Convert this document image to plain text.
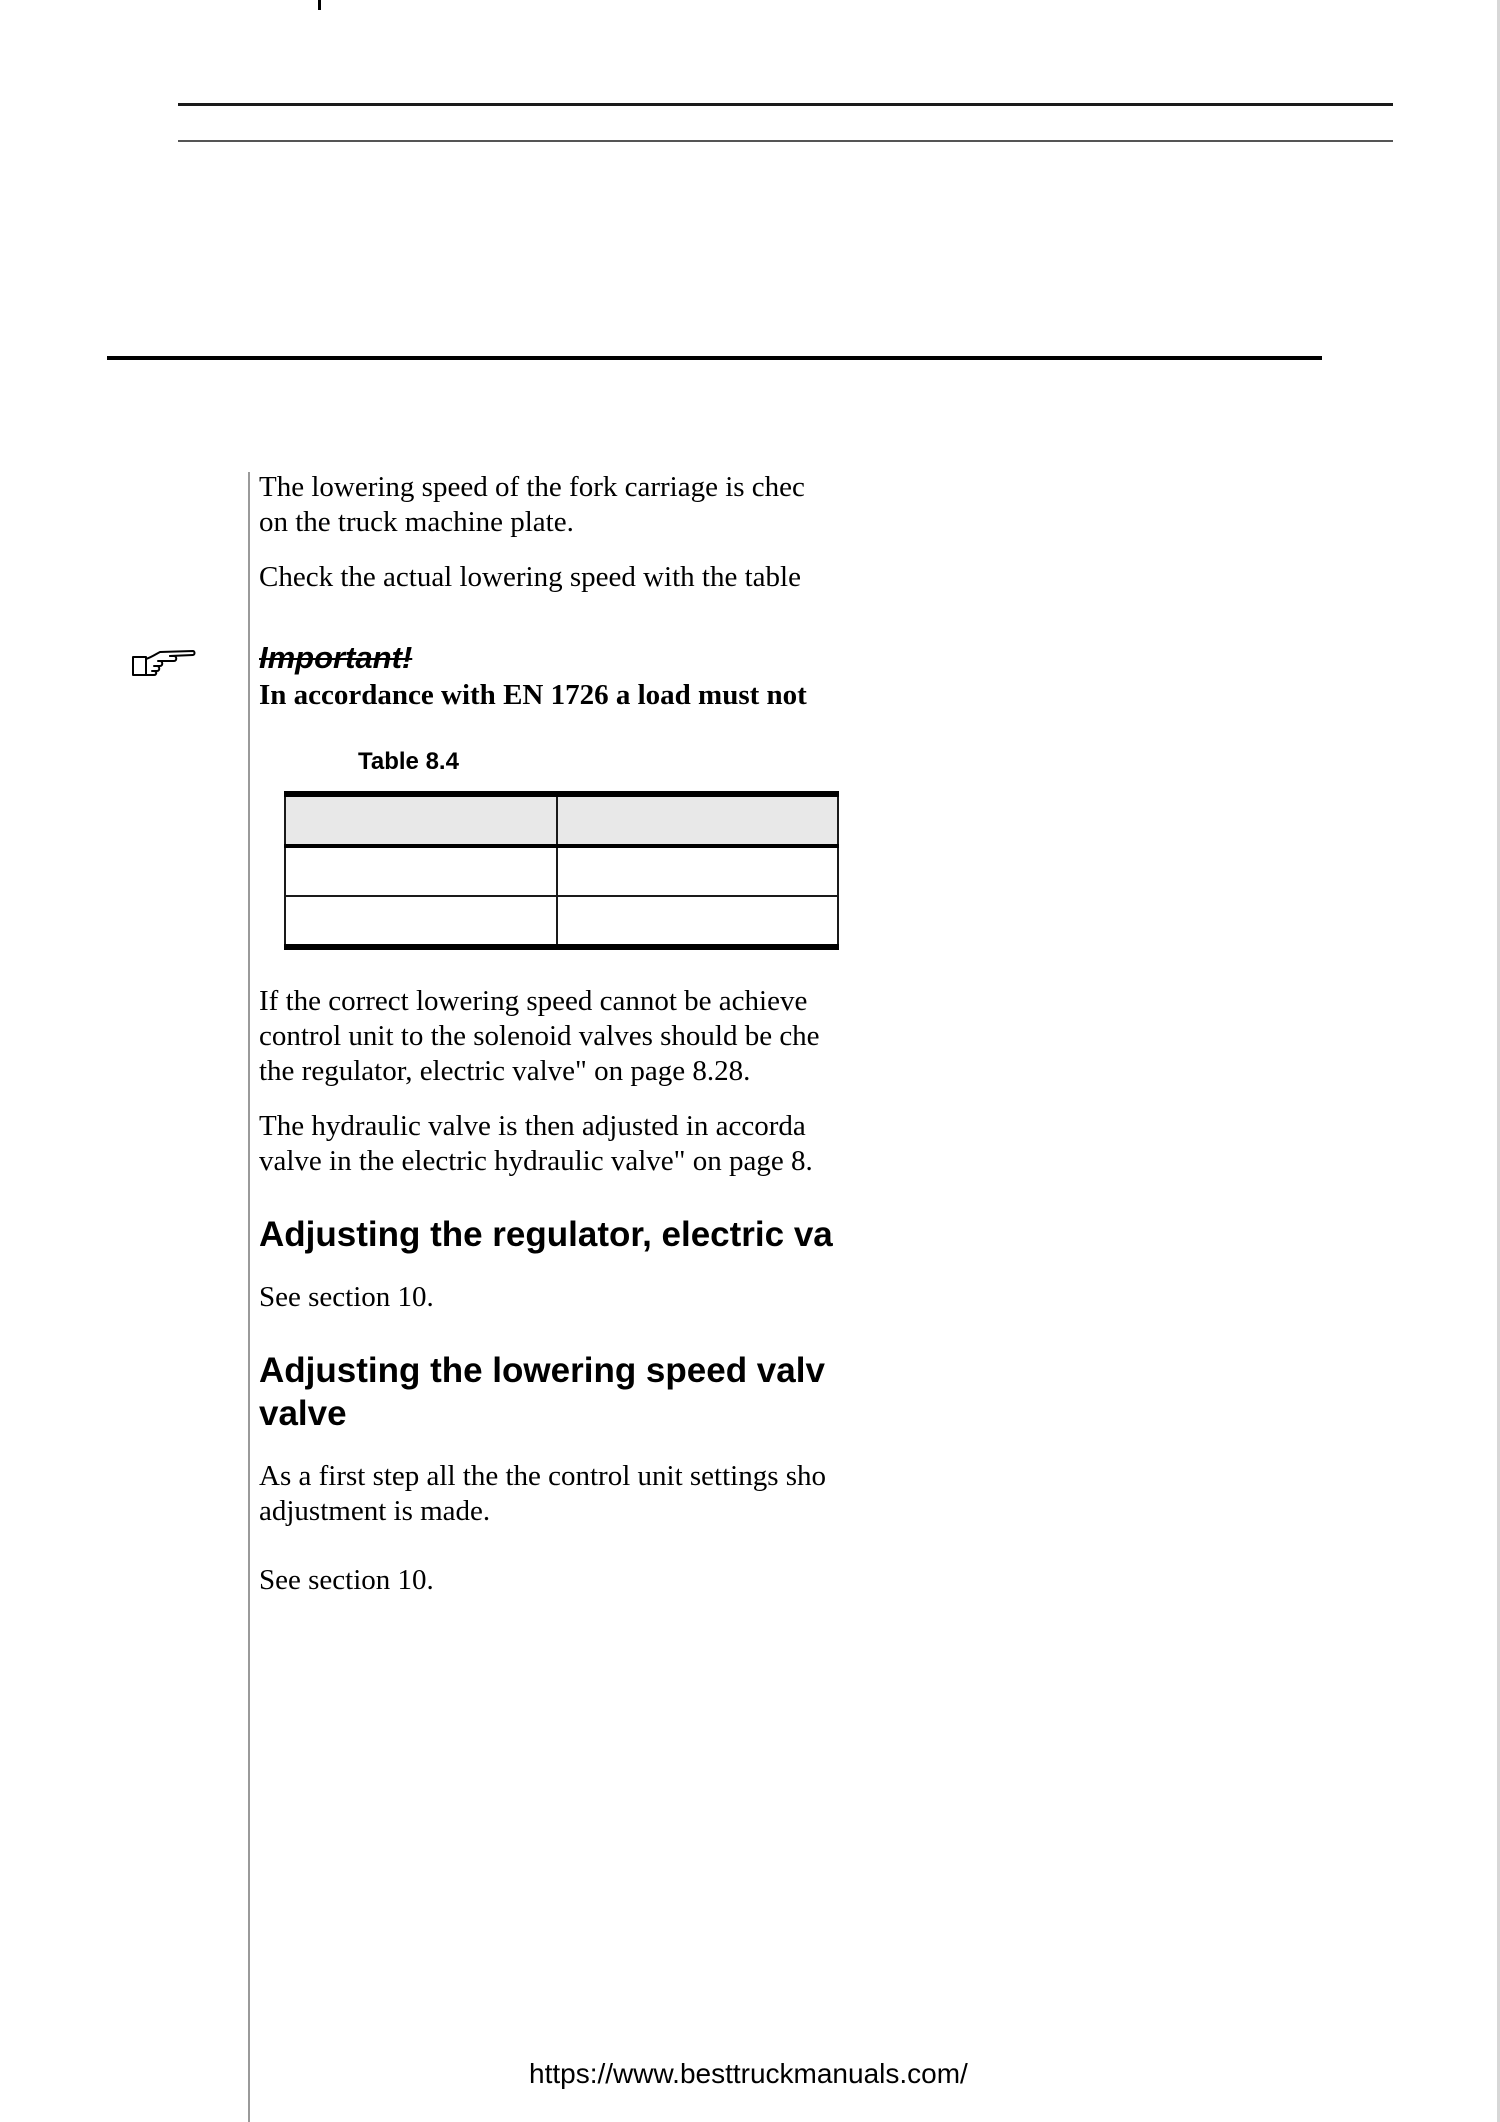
The lowering speed of the fork carriage is chec
on the truck machine plate.
Check the actual lowering speed with the table
Important!
In accordance with EN 1726 a load must not
Table 8.4

If the correct lowering speed cannot be achieve
control unit to the solenoid valves should be che
the regulator, electric valve" on page 8.28.
The hydraulic valve is then adjusted in accorda
valve in the electric hydraulic valve" on page 8.
Adjusting the regulator, electric va
See section 10.
Adjusting the lowering speed valv
valve
As a first step all the the control unit settings sho
adjustment is made.
See section 10.
https://www.besttruckmanuals.com/
